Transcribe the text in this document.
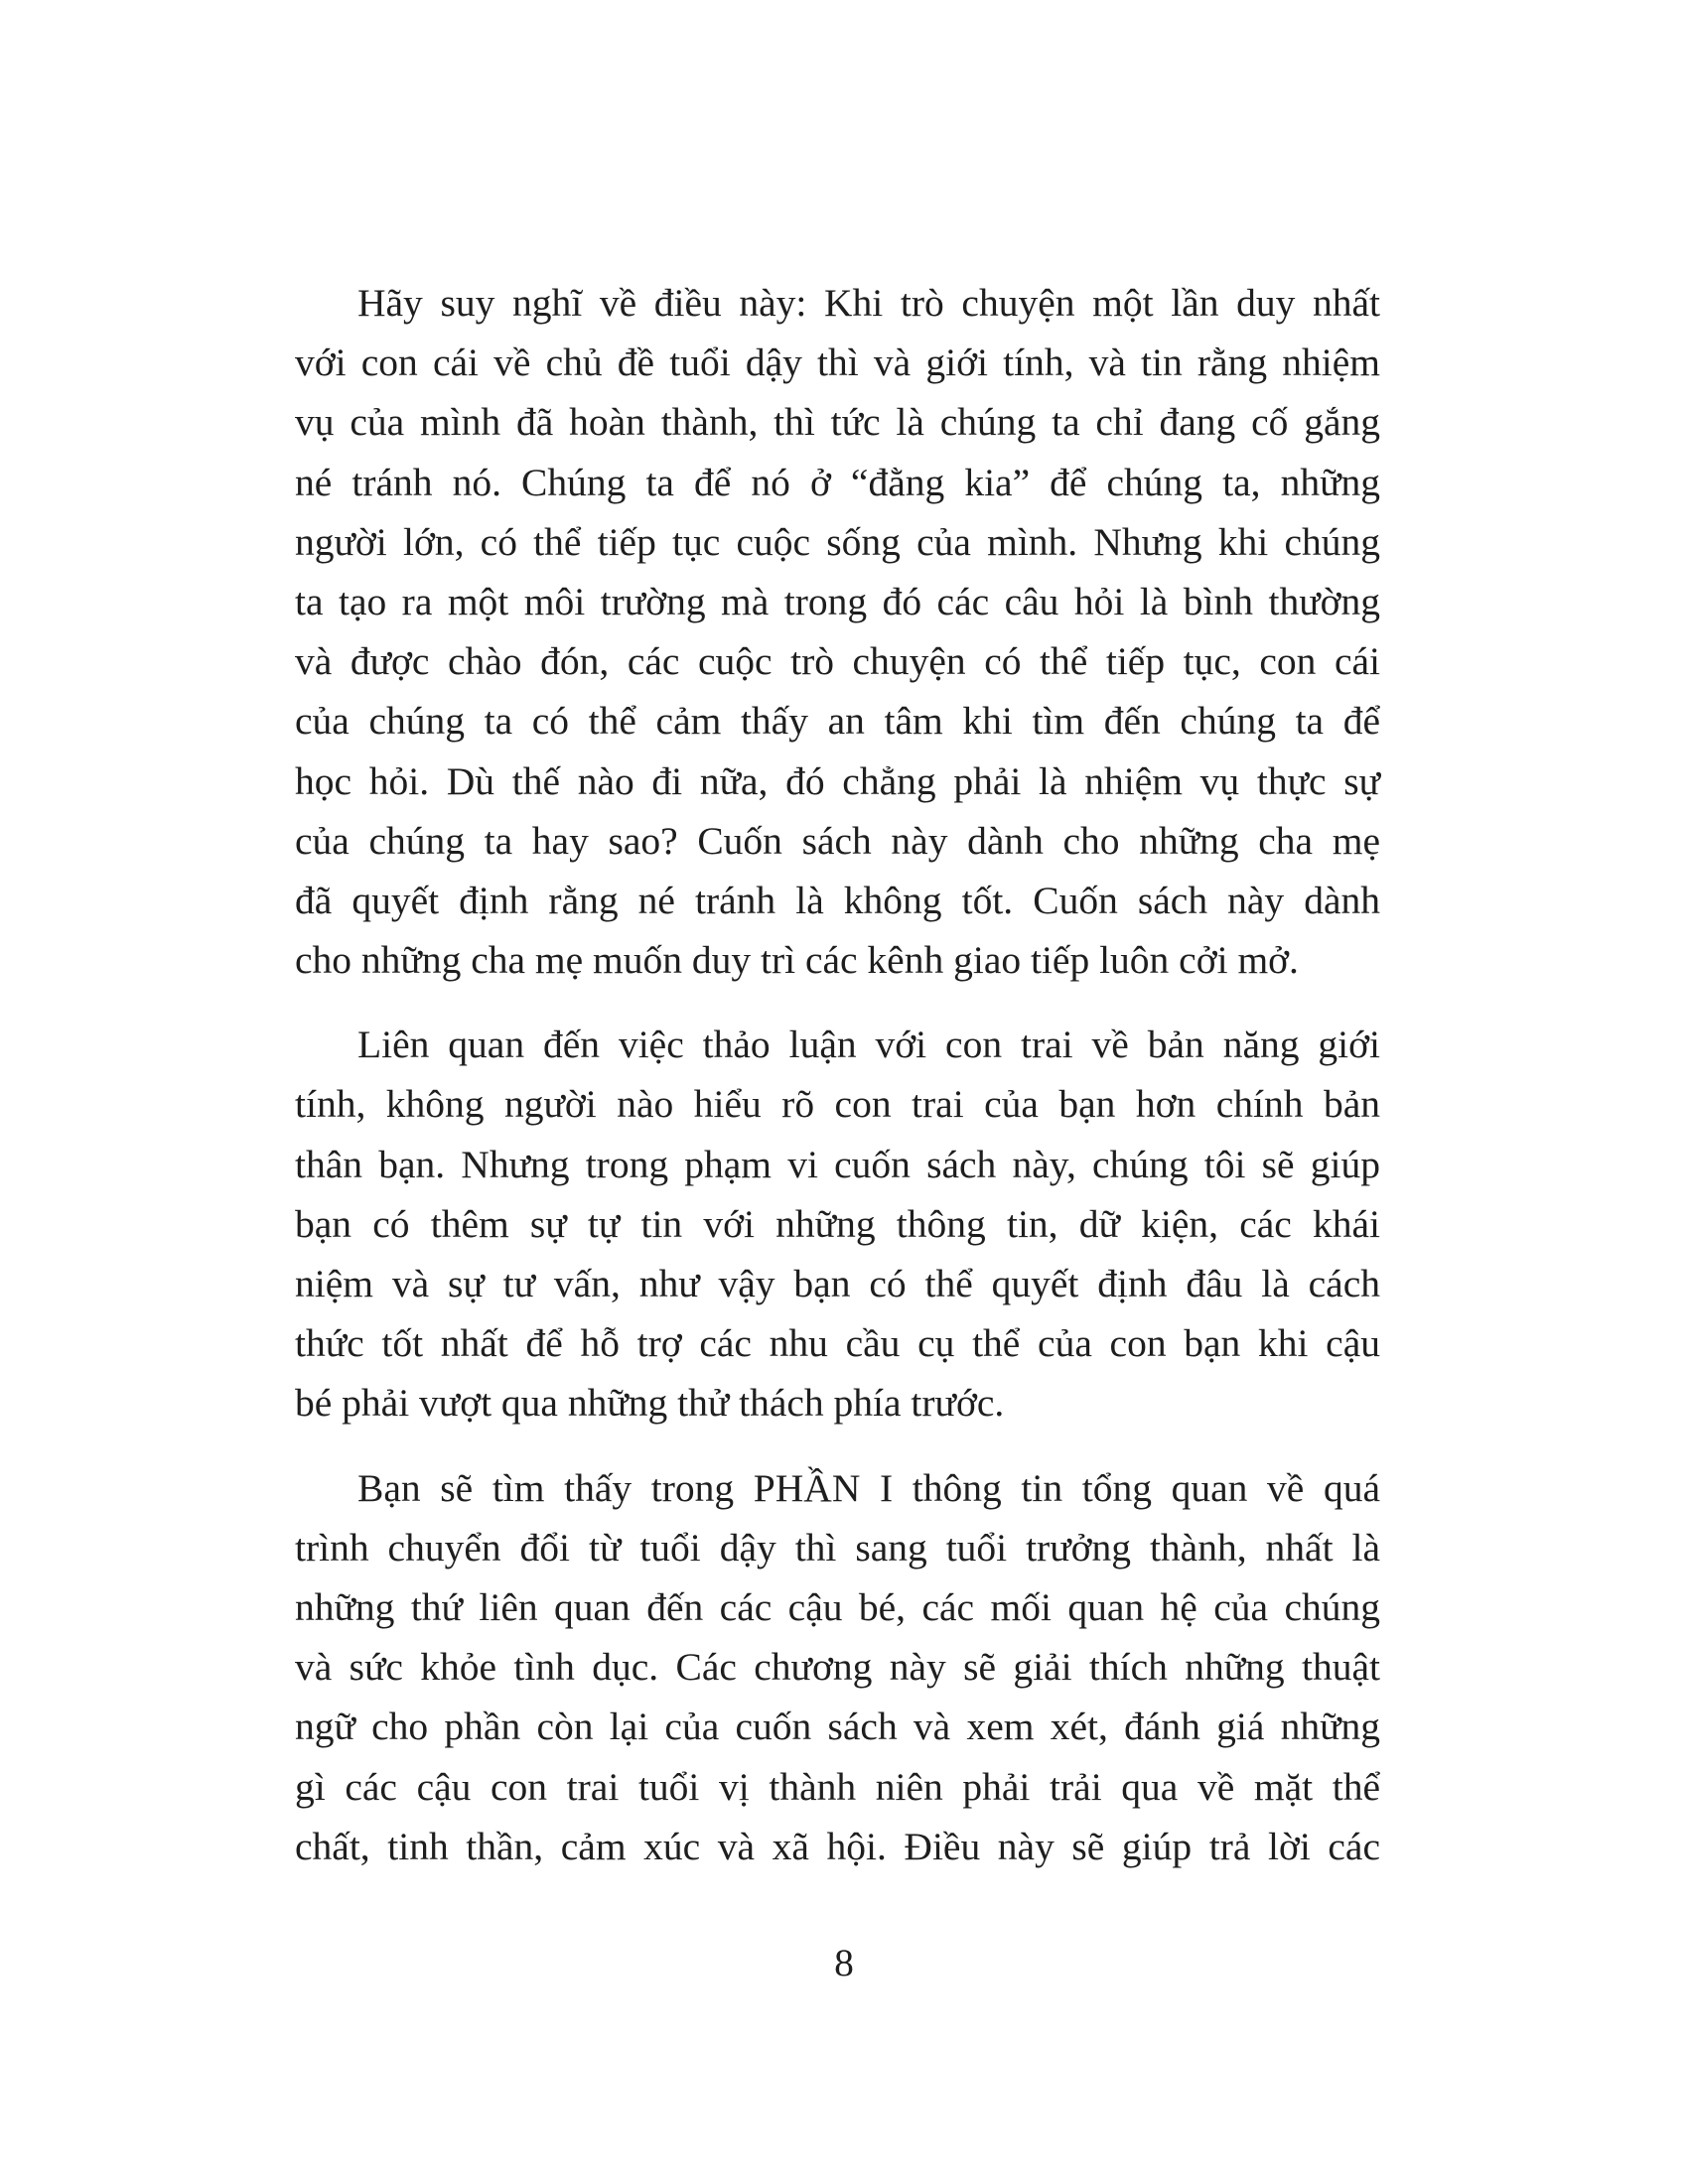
Hãy suy nghĩ về điều này: Khi trò chuyện một lần duy nhất
với con cái về chủ đề tuổi dậy thì và giới tính, và tin rằng nhiệm
vụ của mình đã hoàn thành, thì tức là chúng ta chỉ đang cố gắng
né tránh nó. Chúng ta để nó ở “đằng kia” để chúng ta, những
người lớn, có thể tiếp tục cuộc sống của mình. Nhưng khi chúng
ta tạo ra một môi trường mà trong đó các câu hỏi là bình thường
và được chào đón, các cuộc trò chuyện có thể tiếp tục, con cái
của chúng ta có thể cảm thấy an tâm khi tìm đến chúng ta để
học hỏi. Dù thế nào đi nữa, đó chẳng phải là nhiệm vụ thực sự
của chúng ta hay sao? Cuốn sách này dành cho những cha mẹ
đã quyết định rằng né tránh là không tốt. Cuốn sách này dành
cho những cha mẹ muốn duy trì các kênh giao tiếp luôn cởi mở.

Liên quan đến việc thảo luận với con trai về bản năng giới
tính, không người nào hiểu rõ con trai của bạn hơn chính bản
thân bạn. Nhưng trong phạm vi cuốn sách này, chúng tôi sẽ giúp
bạn có thêm sự tự tin với những thông tin, dữ kiện, các khái
niệm và sự tư vấn, như vậy bạn có thể quyết định đâu là cách
thức tốt nhất để hỗ trợ các nhu cầu cụ thể của con bạn khi cậu
bé phải vượt qua những thử thách phía trước.

Bạn sẽ tìm thấy trong PHẦN I thông tin tổng quan về quá
trình chuyển đổi từ tuổi dậy thì sang tuổi trưởng thành, nhất là
những thứ liên quan đến các cậu bé, các mối quan hệ của chúng
và sức khỏe tình dục. Các chương này sẽ giải thích những thuật
ngữ cho phần còn lại của cuốn sách và xem xét, đánh giá những
gì các cậu con trai tuổi vị thành niên phải trải qua về mặt thể
chất, tinh thần, cảm xúc và xã hội. Điều này sẽ giúp trả lời các

8
